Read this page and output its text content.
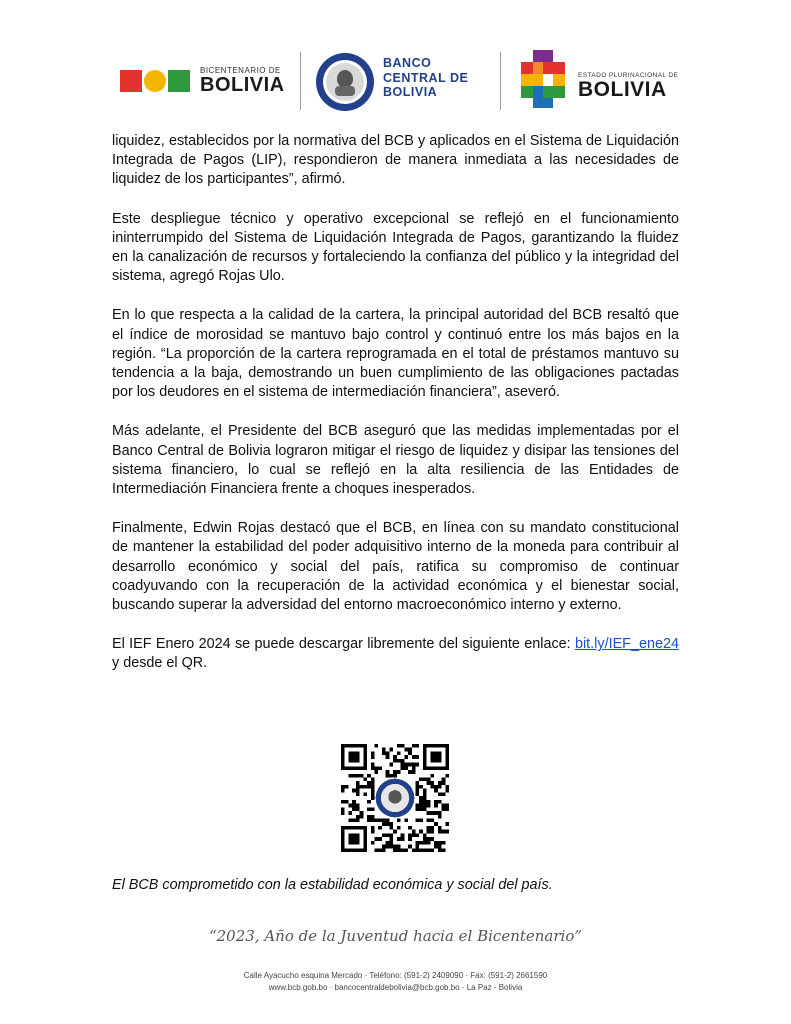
BICENTENARIO DE
BOLIVIA
BANCO
CENTRAL DE
BOLIVIA
ESTADO PLURINACIONAL DE
BOLIVIA

liquidez, establecidos por la normativa del BCB y aplicados en el Sistema de Liquidación Integrada de Pagos (LIP), respondieron de manera inmediata a las necesidades de liquidez de los participantes”, afirmó.

Este despliegue técnico y operativo excepcional se reflejó en el funcionamiento ininterrumpido del Sistema de Liquidación Integrada de Pagos, garantizando la fluidez en la canalización de recursos y fortaleciendo la confianza del público y la integridad del sistema, agregó Rojas Ulo.

En lo que respecta a la calidad de la cartera, la principal autoridad del BCB resaltó que el índice de morosidad se mantuvo bajo control y continuó entre los más bajos en la región. “La proporción de la cartera reprogramada en el total de préstamos mantuvo su tendencia a la baja, demostrando un buen cumplimiento de las obligaciones pactadas por los deudores en el sistema de intermediación financiera”, aseveró.

Más adelante, el Presidente del BCB aseguró que las medidas implementadas por el Banco Central de Bolivia lograron mitigar el riesgo de liquidez y disipar las tensiones del sistema financiero, lo cual se reflejó en la alta resiliencia de las Entidades de Intermediación Financiera frente a choques inesperados.

Finalmente, Edwin Rojas destacó que el BCB, en línea con su mandato constitucional de mantener la estabilidad del poder adquisitivo interno de la moneda para contribuir al desarrollo económico y social del país, ratifica su compromiso de continuar coadyuvando con la recuperación de la actividad económica y el bienestar social, buscando superar la adversidad del entorno macroeconómico interno y externo.

El IEF Enero 2024 se puede descargar libremente del siguiente enlace: bit.ly/IEF_ene24 y desde el QR.

El BCB comprometido con la estabilidad económica y social del país.
“2023, Año de la Juventud hacia el Bicentenario”
Calle Ayacucho esquina Mercado · Teléfono: (591-2) 2409090 · Fax: (591-2) 2661590
www.bcb.gob.bo · bancocentraldebolivia@bcb.gob.bo · La Paz - Bolivia
